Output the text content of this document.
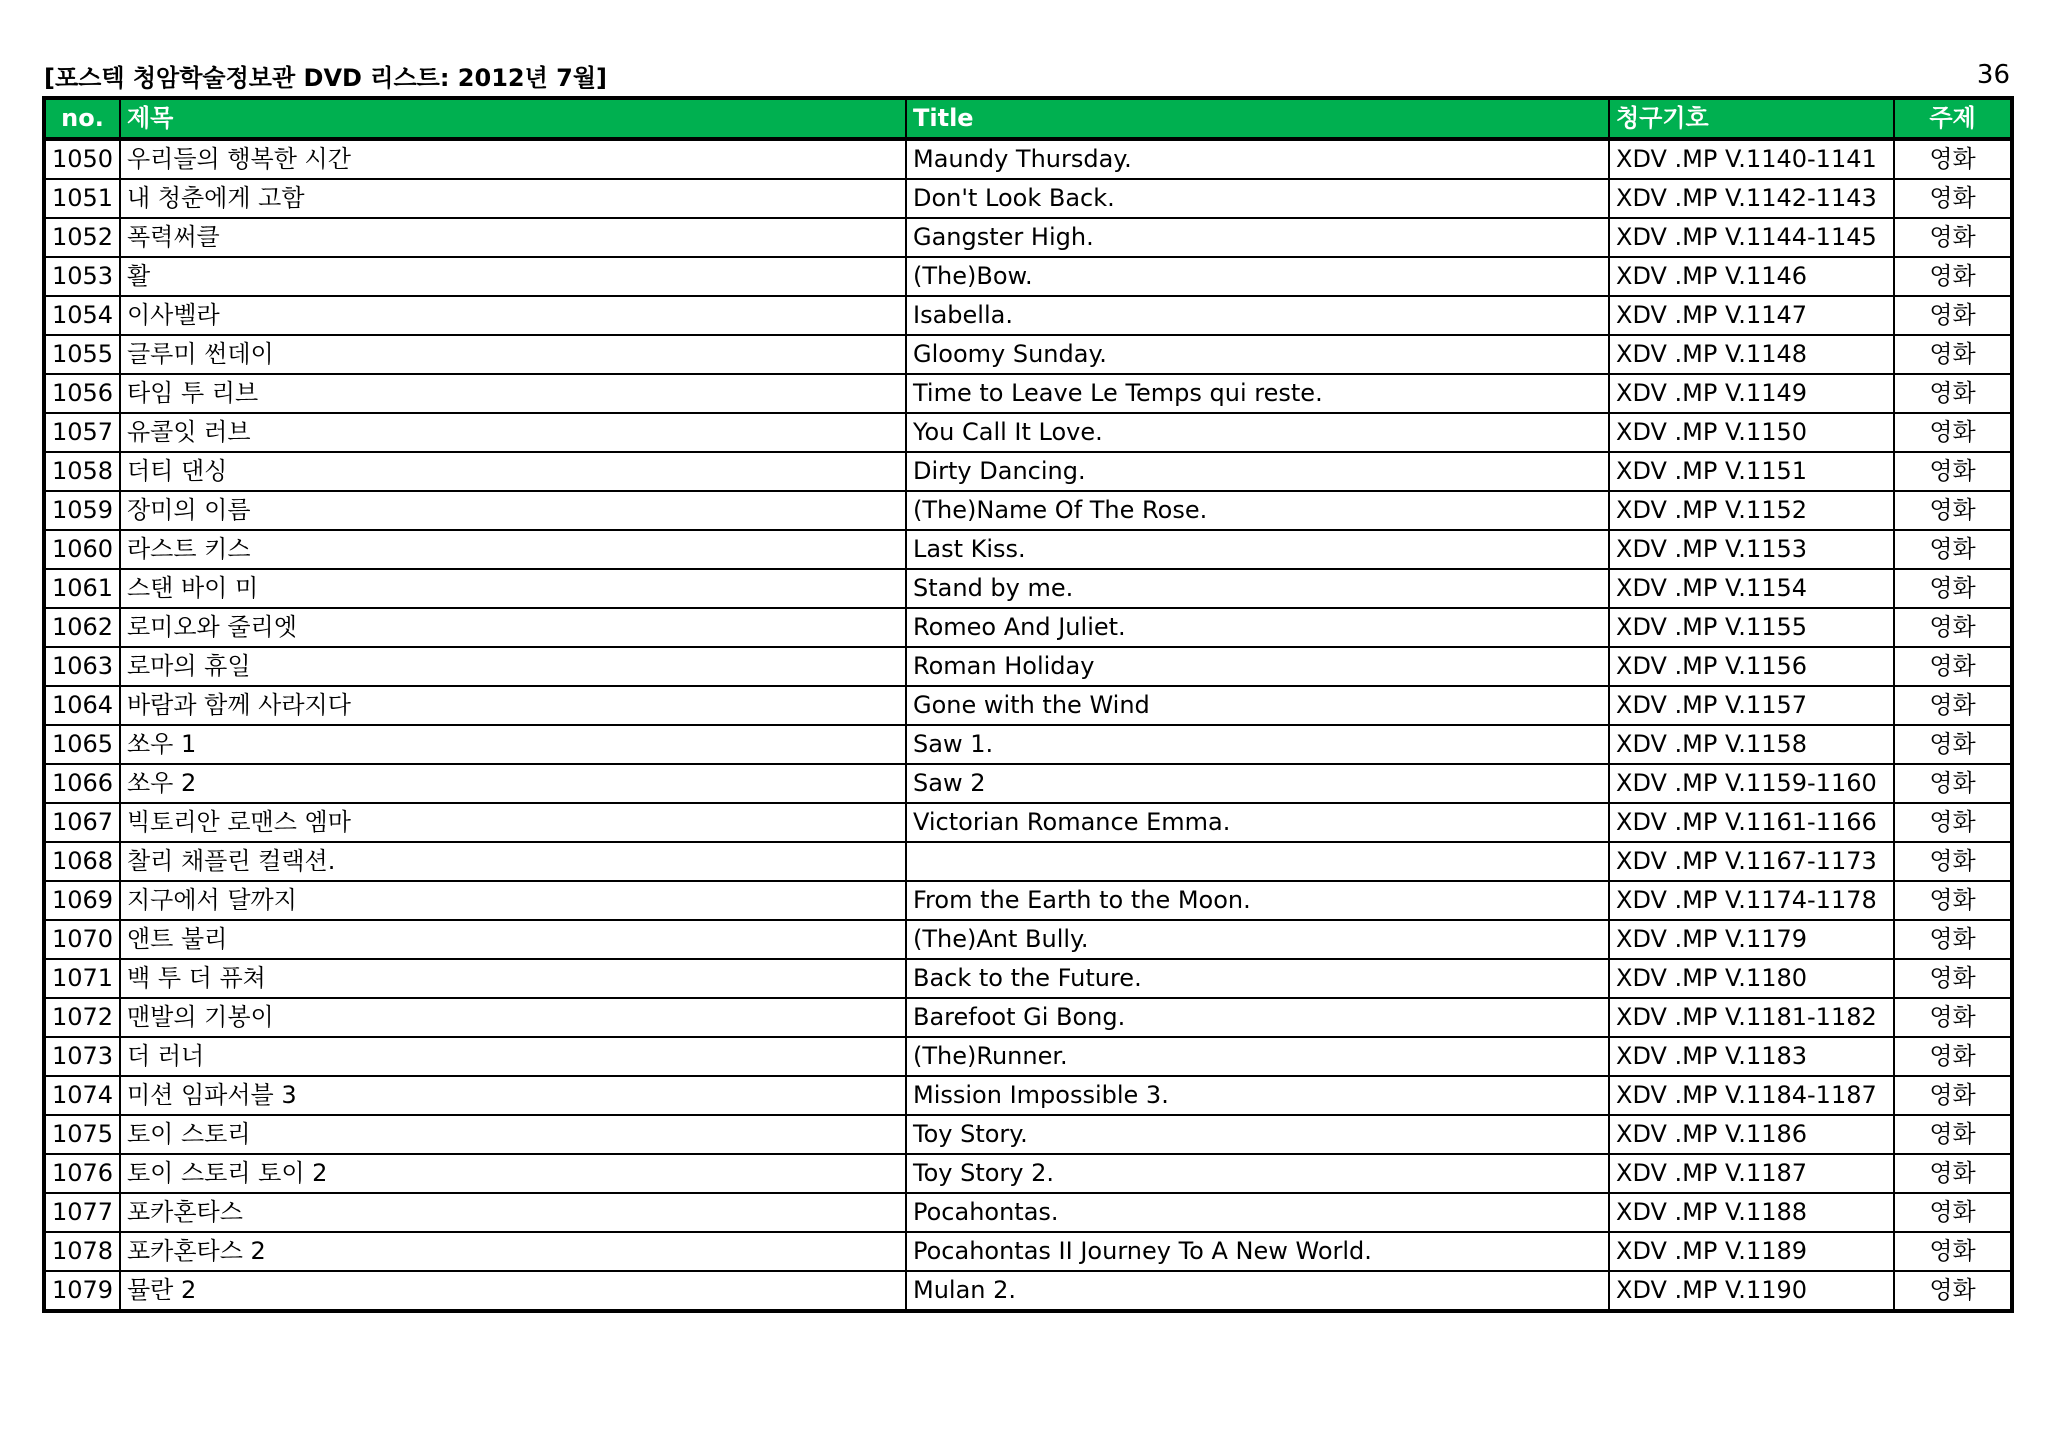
[포스텍 청암학술정보관 DVD 리스트: 2012년 7월]	36
no.	제목	Title	청구기호	주제
1050	우리들의 행복한 시간	Maundy Thursday.	XDV .MP V.1140-1141	영화
1051	내 청춘에게 고함	Don't Look Back.	XDV .MP V.1142-1143	영화
1052	폭력써클	Gangster High.	XDV .MP V.1144-1145	영화
1053	활	(The)Bow.	XDV .MP V.1146	영화
1054	이사벨라	Isabella.	XDV .MP V.1147	영화
1055	글루미 썬데이	Gloomy Sunday.	XDV .MP V.1148	영화
1056	타임 투 리브	Time to Leave Le Temps qui reste.	XDV .MP V.1149	영화
1057	유콜잇 러브	You Call It Love.	XDV .MP V.1150	영화
1058	더티 댄싱	Dirty Dancing.	XDV .MP V.1151	영화
1059	장미의 이름	(The)Name Of The Rose.	XDV .MP V.1152	영화
1060	라스트 키스	Last Kiss.	XDV .MP V.1153	영화
1061	스탠 바이 미	Stand by me.	XDV .MP V.1154	영화
1062	로미오와 줄리엣	Romeo And Juliet.	XDV .MP V.1155	영화
1063	로마의 휴일	Roman Holiday	XDV .MP V.1156	영화
1064	바람과 함께 사라지다	Gone with the Wind	XDV .MP V.1157	영화
1065	쏘우 1	Saw 1.	XDV .MP V.1158	영화
1066	쏘우 2	Saw 2	XDV .MP V.1159-1160	영화
1067	빅토리안 로맨스 엠마	Victorian Romance Emma.	XDV .MP V.1161-1166	영화
1068	찰리 채플린 컬랙션.		XDV .MP V.1167-1173	영화
1069	지구에서 달까지	From the Earth to the Moon.	XDV .MP V.1174-1178	영화
1070	앤트 불리	(The)Ant Bully.	XDV .MP V.1179	영화
1071	백 투 더 퓨쳐	Back to the Future.	XDV .MP V.1180	영화
1072	맨발의 기봉이	Barefoot Gi Bong.	XDV .MP V.1181-1182	영화
1073	더 러너	(The)Runner.	XDV .MP V.1183	영화
1074	미션 임파서블 3	Mission Impossible 3.	XDV .MP V.1184-1187	영화
1075	토이 스토리	Toy Story.	XDV .MP V.1186	영화
1076	토이 스토리 토이 2	Toy Story 2.	XDV .MP V.1187	영화
1077	포카혼타스	Pocahontas.	XDV .MP V.1188	영화
1078	포카혼타스 2	Pocahontas II Journey To A New World.	XDV .MP V.1189	영화
1079	뮬란 2	Mulan 2.	XDV .MP V.1190	영화
